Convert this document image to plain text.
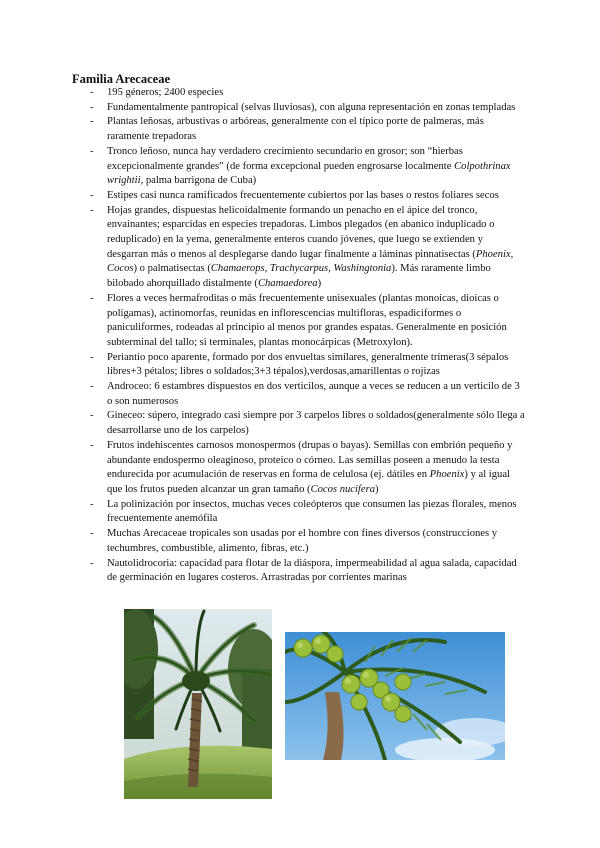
Familia Arecaceae
- 195 géneros; 2400 especies
- Fundamentalmente pantropical (selvas lluviosas), con alguna representación en zonas templadas
- Plantas leñosas, arbustivas o arbóreas, generalmente con el típico porte de palmeras, más raramente trepadoras
- Tronco leñoso, nunca hay verdadero crecimiento secundario en grosor; son “hierbas excepcionalmente grandes” (de forma excepcional pueden engrosarse localmente Colpothrinax wrightii, palma barrigona de Cuba)
- Estipes casi nunca ramificados frecuentemente cubiertos por las bases o restos foliares secos
- Hojas grandes, dispuestas helicoidalmente formando un penacho en el ápice del tronco, envainantes; esparcidas en especies trepadoras. Limbos plegados (en abanico induplicado o reduplicado) en la yema, generalmente enteros cuando jóvenes, que luego se extienden y desgarran más o menos al desplegarse dando lugar finalmente a láminas pinnatisectas (Phoenix, Cocos) o palmatisectas (Chamaerops, Trachycarpus, Washingtonia). Más raramente limbo bilobado ahorquillado distalmente (Chamaedorea)
- Flores a veces hermafroditas o más frecuentemente unisexuales (plantas monoicas, dioicas o polígamas), actinomorfas, reunidas en inflorescencias multifloras, espadiciformes o paniculiformes, rodeadas al principio al menos por grandes espatas. Generalmente en posición subterminal del tallo; si terminales, plantas monocárpicas (Metroxylon).
- Periantio poco aparente, formado por dos envueltas similares, generalmente trímeras(3 sépalos libres+3 pétalos; libres o soldados;3+3 tépalos),verdosas,amarillentas o rojizas
- Androceo: 6 estambres dispuestos en dos verticilos, aunque a veces se reducen a un verticilo de 3 o son numerosos
- Gineceo: súpero, integrado casi siempre por 3 carpelos libres o soldados(generalmente sólo llega a desarrollarse uno de los carpelos)
- Frutos indehiscentes carnosos monospermos (drupas o bayas). Semillas con embrión pequeño y abundante endospermo oleaginoso, proteico o córneo. Las semillas poseen a menudo la testa endurecida por acumulación de reservas en forma de celulosa (ej. dátiles en Phoenix) y al igual que los frutos pueden alcanzar un gran tamaño (Cocos nucifera)
- La polinización por insectos, muchas veces coleópteros que consumen las piezas florales, menos frecuentemente anemófila
- Muchas Arecaceae tropicales son usadas por el hombre con fines diversos (construcciones y techumbres, combustible, alimento, fibras, etc.)
- Nautolidrocoria: capacidad para flotar de la diáspora, impermeabilidad al agua salada, capacidad de germinación en lugares costeros. Arrastradas por corrientes marinas
